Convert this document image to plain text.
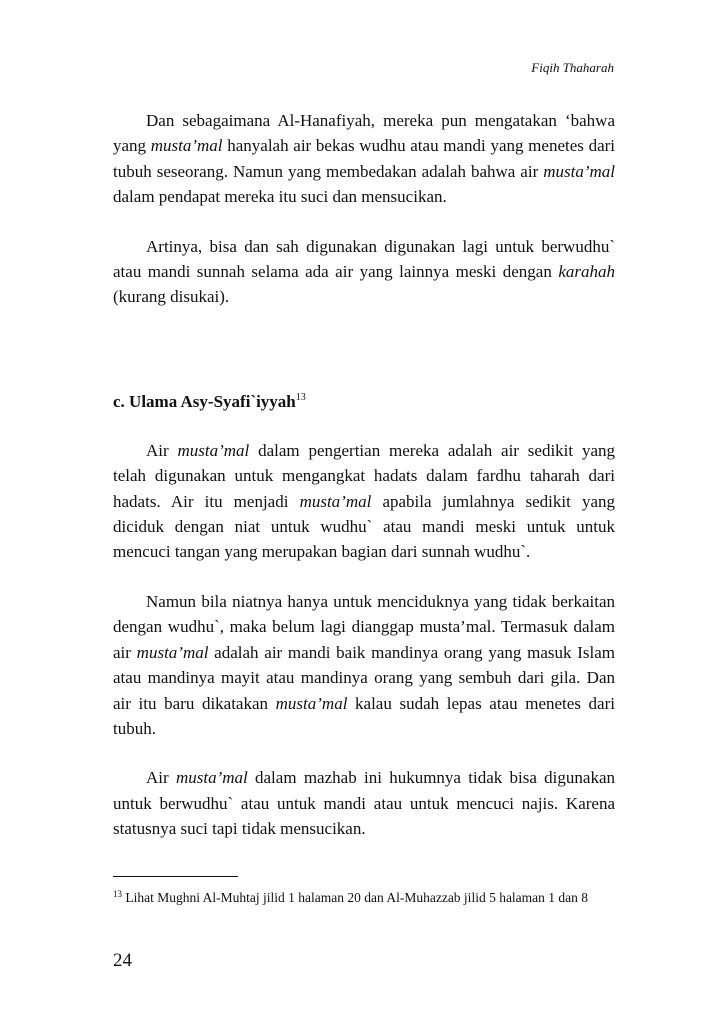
Fiqih Thaharah

Dan sebagaimana Al-Hanafiyah, mereka pun mengatakan ‘bahwa yang musta’mal hanyalah air bekas wudhu atau mandi yang menetes dari tubuh seseorang. Namun yang membedakan adalah bahwa air musta’mal dalam pendapat mereka itu suci dan mensucikan.

Artinya, bisa dan sah digunakan digunakan lagi untuk berwudhu` atau mandi sunnah selama ada air yang lainnya meski dengan karahah (kurang disukai).

c. Ulama Asy-Syafi`iyyah$^{13}$

Air musta’mal dalam pengertian mereka adalah air sedikit yang telah digunakan untuk mengangkat hadats dalam fardhu taharah dari hadats. Air itu menjadi musta’mal apabila jumlahnya sedikit yang diciduk dengan niat untuk wudhu` atau mandi meski untuk untuk mencuci tangan yang merupakan bagian dari sunnah wudhu`.

Namun bila niatnya hanya untuk menciduknya yang tidak berkaitan dengan wudhu`, maka belum lagi dianggap musta’mal. Termasuk dalam air musta’mal adalah air mandi baik mandinya orang yang masuk Islam atau mandinya mayit atau mandinya orang yang sembuh dari gila. Dan air itu baru dikatakan musta’mal kalau sudah lepas atau menetes dari tubuh.

Air musta’mal dalam mazhab ini hukumnya tidak bisa digunakan untuk berwudhu` atau untuk mandi atau untuk mencuci najis. Karena statusnya suci tapi tidak mensucikan.

$^{13}$ Lihat Mughni Al-Muhtaj jilid 1 halaman 20 dan Al-Muhazzab jilid 5 halaman 1 dan 8
24
